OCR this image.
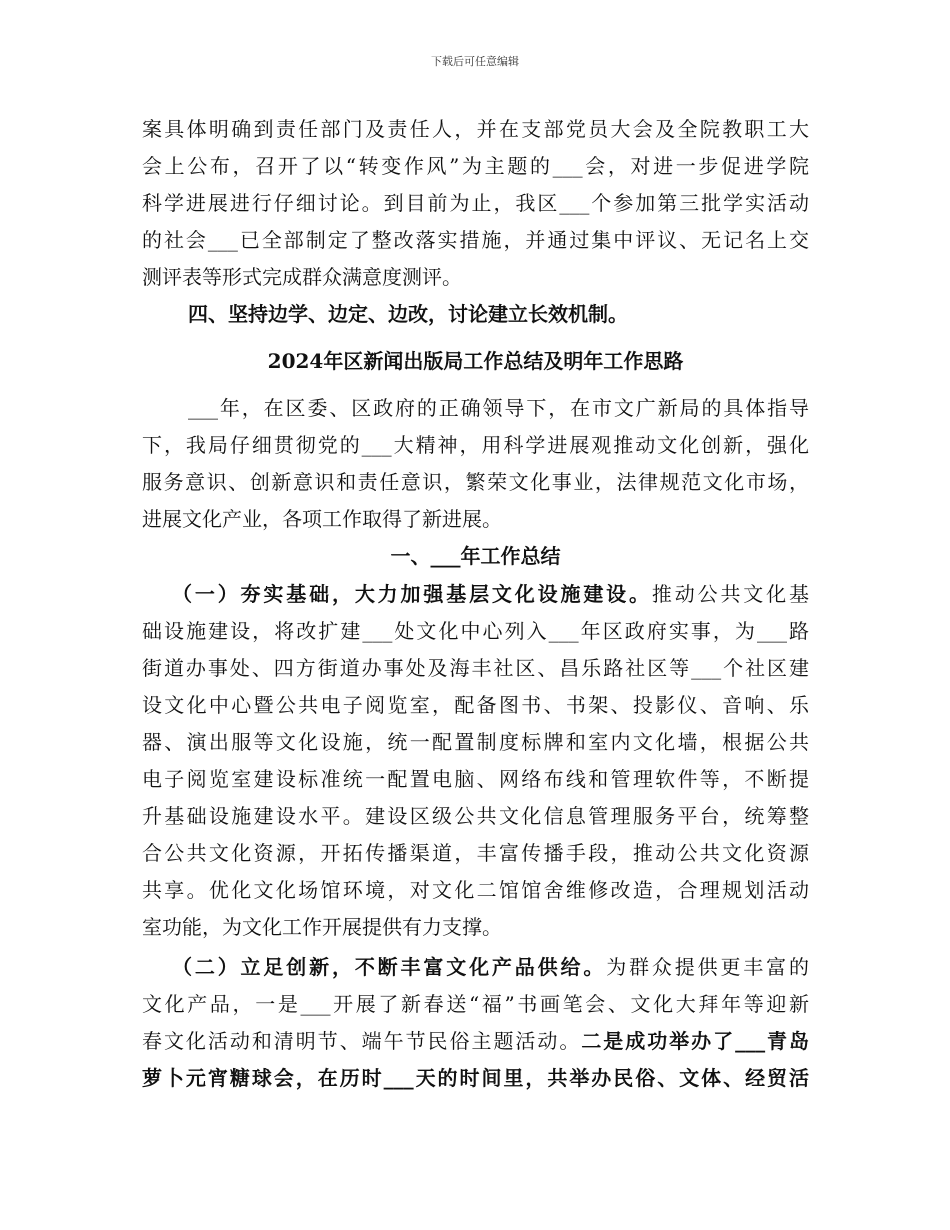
下载后可任意编辑
案具体明确到责任部门及责任人，并在支部党员大会及全院教职工大
会上公布，召开了以“转变作风”为主题的___会，对进一步促进学院
科学进展进行仔细讨论。到目前为止，我区___个参加第三批学实活动
的社会___已全部制定了整改落实措施，并通过集中评议、无记名上交
测评表等形式完成群众满意度测评。
四、坚持边学、边定、边改，讨论建立长效机制。
2024年区新闻出版局工作总结及明年工作思路
___年，在区委、区政府的正确领导下，在市文广新局的具体指导
下，我局仔细贯彻党的___大精神，用科学进展观推动文化创新，强化
服务意识、创新意识和责任意识，繁荣文化事业，法律规范文化市场，
进展文化产业，各项工作取得了新进展。
一、___年工作总结
（一）夯实基础，大力加强基层文化设施建设。推动公共文化基
础设施建设，将改扩建___处文化中心列入___年区政府实事，为___路
街道办事处、四方街道办事处及海丰社区、昌乐路社区等___个社区建
设文化中心暨公共电子阅览室，配备图书、书架、投影仪、音响、乐
器、演出服等文化设施，统一配置制度标牌和室内文化墙，根据公共
电子阅览室建设标准统一配置电脑、网络布线和管理软件等，不断提
升基础设施建设水平。建设区级公共文化信息管理服务平台，统筹整
合公共文化资源，开拓传播渠道，丰富传播手段，推动公共文化资源
共享。优化文化场馆环境，对文化二馆馆舍维修改造，合理规划活动
室功能，为文化工作开展提供有力支撑。
（二）立足创新，不断丰富文化产品供给。为群众提供更丰富的
文化产品，一是___开展了新春送“福”书画笔会、文化大拜年等迎新
春文化活动和清明节、端午节民俗主题活动。二是成功举办了___青岛
萝卜元宵糖球会，在历时___天的时间里，共举办民俗、文体、经贸活
